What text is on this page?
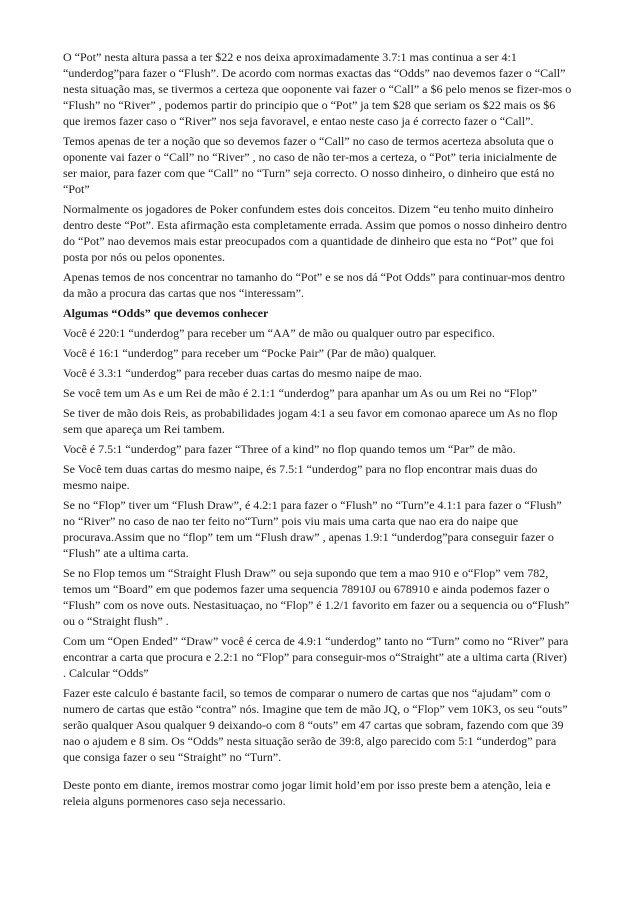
O “Pot” nesta altura passa a ter $22 e nos deixa aproximadamente 3.7:1 mas continua a ser 4:1 “underdog”para fazer o “Flush”. De acordo com normas exactas das “Odds” nao devemos fazer o “Call” nesta situação mas, se tivermos a certeza que ooponente vai fazer o “Call” a $6 pelo menos se fizer-mos o “Flush” no “River” , podemos partir do principio que o “Pot” ja tem $28 que seriam os $22 mais os $6 que iremos fazer caso o “River” nos seja favoravel, e entao neste caso ja é correcto fazer o “Call”.

Temos apenas de ter a noção que so devemos fazer o “Call” no caso de termos acerteza absoluta que o oponente vai fazer o “Call” no “River” , no caso de não ter-mos a certeza, o “Pot” teria inicialmente de ser maior, para fazer com que “Call” no “Turn” seja correcto. O nosso dinheiro, o dinheiro que está no “Pot”

Normalmente os jogadores de Poker confundem estes dois conceitos. Dizem “eu tenho muito dinheiro dentro deste “Pot”. Esta afirmação esta completamente errada. Assim que pomos o nosso dinheiro dentro do “Pot” nao devemos mais estar preocupados com a quantidade de dinheiro que esta no “Pot” que foi posta por nós ou pelos oponentes.

Apenas temos de nos concentrar no tamanho do “Pot” e se nos dá “Pot Odds” para continuar-mos dentro da mão a procura das cartas que nos “interessam”.

Algumas “Odds” que devemos conhecer

Você é 220:1 “underdog” para receber um “AA” de mão ou qualquer outro par especifico.

Você é 16:1 “underdog” para receber um “Pocke Pair” (Par de mão) qualquer.

Você é 3.3:1 “underdog” para receber duas cartas do mesmo naipe de mao.

Se você tem um As e um Rei de mão é 2.1:1 “underdog” para apanhar um As ou um Rei no “Flop”

Se tiver de mão dois Reis, as probabilidades jogam 4:1 a seu favor em comonao aparece um As no flop sem que apareça um Rei tambem.

Você é 7.5:1 “underdog” para fazer “Three of a kind” no flop quando temos um “Par” de mão.

Se Você tem duas cartas do mesmo naipe, és 7.5:1 “underdog” para no flop encontrar mais duas do mesmo naipe.

Se no “Flop” tiver um “Flush Draw”, é 4.2:1 para fazer o “Flush” no “Turn”e 4.1:1 para fazer o “Flush” no “River” no caso de nao ter feito no“Turn” pois viu mais uma carta que nao era do naipe que procurava.Assim que no “flop” tem um “Flush draw” , apenas 1.9:1 “underdog”para conseguir fazer o “Flush” ate a ultima carta.

Se no Flop temos um “Straight Flush Draw” ou seja supondo que tem a mao 910 e o“Flop” vem 782, temos um “Board” em que podemos fazer uma sequencia 78910J ou 678910 e ainda podemos fazer o “Flush” com os nove outs. Nestasituaçao, no “Flop” é 1.2/1 favorito em fazer ou a sequencia ou o“Flush” ou o “Straight flush” .

Com um “Open Ended” “Draw” você é cerca de 4.9:1 “underdog” tanto no “Turn” como no “River” para encontrar a carta que procura e 2.2:1 no “Flop” para conseguir-mos o“Straight” ate a ultima carta (River) . Calcular “Odds”

Fazer este calculo é bastante facil, so temos de comparar o numero de cartas que nos “ajudam” com o numero de cartas que estão “contra” nós. Imagine que tem de mão JQ, o “Flop” vem 10K3, os seu “outs” serão qualquer Asou qualquer 9 deixando-o com 8 “outs” em 47 cartas que sobram, fazendo com que 39 nao o ajudem e 8 sim. Os “Odds” nesta situação serão de 39:8, algo parecido com 5:1 “underdog” para que consiga fazer o seu “Straight” no “Turn”.

Deste ponto em diante, iremos mostrar como jogar limit hold’em por isso preste bem a atenção, leia e releia alguns pormenores caso seja necessario.
